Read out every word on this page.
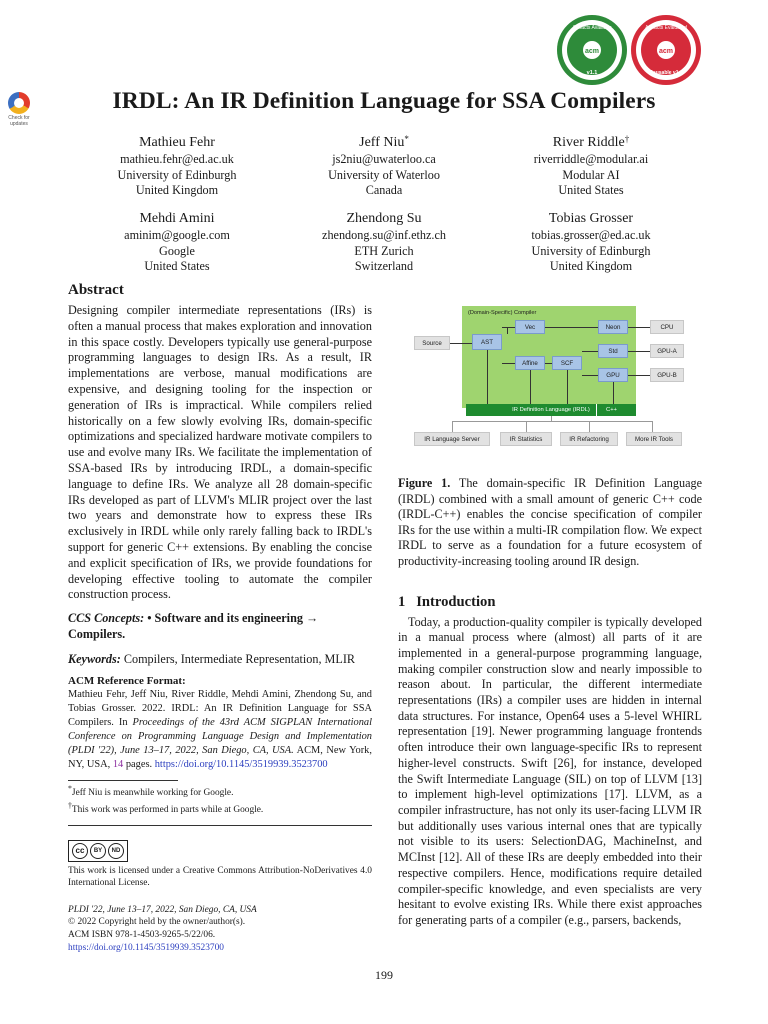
Check for updates
acm
Artifacts Available
v1.1
acm
Artifacts Evaluated
Reusable v1.1
IRDL: An IR Definition Language for SSA Compilers
Mathieu Fehr
mathieu.fehr@ed.ac.uk
University of Edinburgh
United Kingdom
Jeff Niu*
js2niu@uwaterloo.ca
University of Waterloo
Canada
River Riddle†
riverriddle@modular.ai
Modular AI
United States
Mehdi Amini
aminim@google.com
Google
United States
Zhendong Su
zhendong.su@inf.ethz.ch
ETH Zurich
Switzerland
Tobias Grosser
tobias.grosser@ed.ac.uk
University of Edinburgh
United Kingdom
Abstract

Designing compiler intermediate representations (IRs) is often a manual process that makes exploration and innovation in this space costly. Developers typically use general-purpose programming languages to design IRs. As a result, IR implementations are verbose, manual modifications are expensive, and designing tooling for the inspection or generation of IRs is impractical. While compilers relied historically on a few slowly evolving IRs, domain-specific optimizations and specialized hardware motivate compilers to use and evolve many IRs. We facilitate the implementation of SSA-based IRs by introducing IRDL, a domain-specific language to define IRs. We analyze all 28 domain-specific IRs developed as part of LLVM's MLIR project over the last two years and demonstrate how to express these IRs exclusively in IRDL while only rarely falling back to IRDL's support for generic C++ extensions. By enabling the concise and explicit specification of IRs, we provide foundations for developing effective tooling to automate the compiler construction process.

CCS Concepts: • Software and its engineering → Compilers.

Keywords: Compilers, Intermediate Representation, MLIR

ACM Reference Format:
Mathieu Fehr, Jeff Niu, River Riddle, Mehdi Amini, Zhendong Su, and Tobias Grosser. 2022. IRDL: An IR Definition Language for SSA Compilers. In Proceedings of the 43rd ACM SIGPLAN International Conference on Programming Language Design and Implementation (PLDI '22), June 13–17, 2022, San Diego, CA, USA. ACM, New York, NY, USA, 14 pages. https://doi.org/10.1145/3519939.3523700
*Jeff Niu is meanwhile working for Google.
†This work was performed in parts while at Google.
cc	BY	ND

This work is licensed under a Creative Commons Attribution-NoDerivatives 4.0 International License.

PLDI '22, June 13–17, 2022, San Diego, CA, USA
© 2022 Copyright held by the owner/author(s).
ACM ISBN 978-1-4503-9265-5/22/06.
https://doi.org/10.1145/3519939.3523700
(Domain-Specific) Compiler
Source	AST
Vec
Affine	SCF
Neon
Std
GPU
CPU
GPU-A
GPU-B
IR Definition Language (IRDL)	C++
IR Language Server	IR Statistics	IR Refactoring	More IR Tools

Figure 1. The domain-specific IR Definition Language (IRDL) combined with a small amount of generic C++ code (IRDL-C++) enables the concise specification of compiler IRs for the use within a multi-IR compilation flow. We expect IRDL to serve as a foundation for a future ecosystem of productivity-increasing tooling around IR design.

1 Introduction

Today, a production-quality compiler is typically developed in a manual process where (almost) all parts of it are implemented in a general-purpose programming language, making compiler construction slow and nearly impossible to reason about. In particular, the different intermediate representations (IRs) a compiler uses are hidden in internal data structures. For instance, Open64 uses a 5-level WHIRL representation [19]. Newer programming language frontends often introduce their own language-specific IRs to represent higher-level constructs. Swift [26], for instance, developed the Swift Intermediate Language (SIL) on top of LLVM [13] to implement high-level optimizations [17]. LLVM, as a compiler infrastructure, has not only its user-facing LLVM IR but additionally uses various internal ones that are typically not visible to its users: SelectionDAG, MachineInst, and MCInst [12]. All of these IRs are deeply embedded into their respective compilers. Hence, modifications require detailed compiler-specific knowledge, and even specialists are very hesitant to evolve existing IRs. While there exist approaches for generating parts of a compiler (e.g., parsers, backends,

199
